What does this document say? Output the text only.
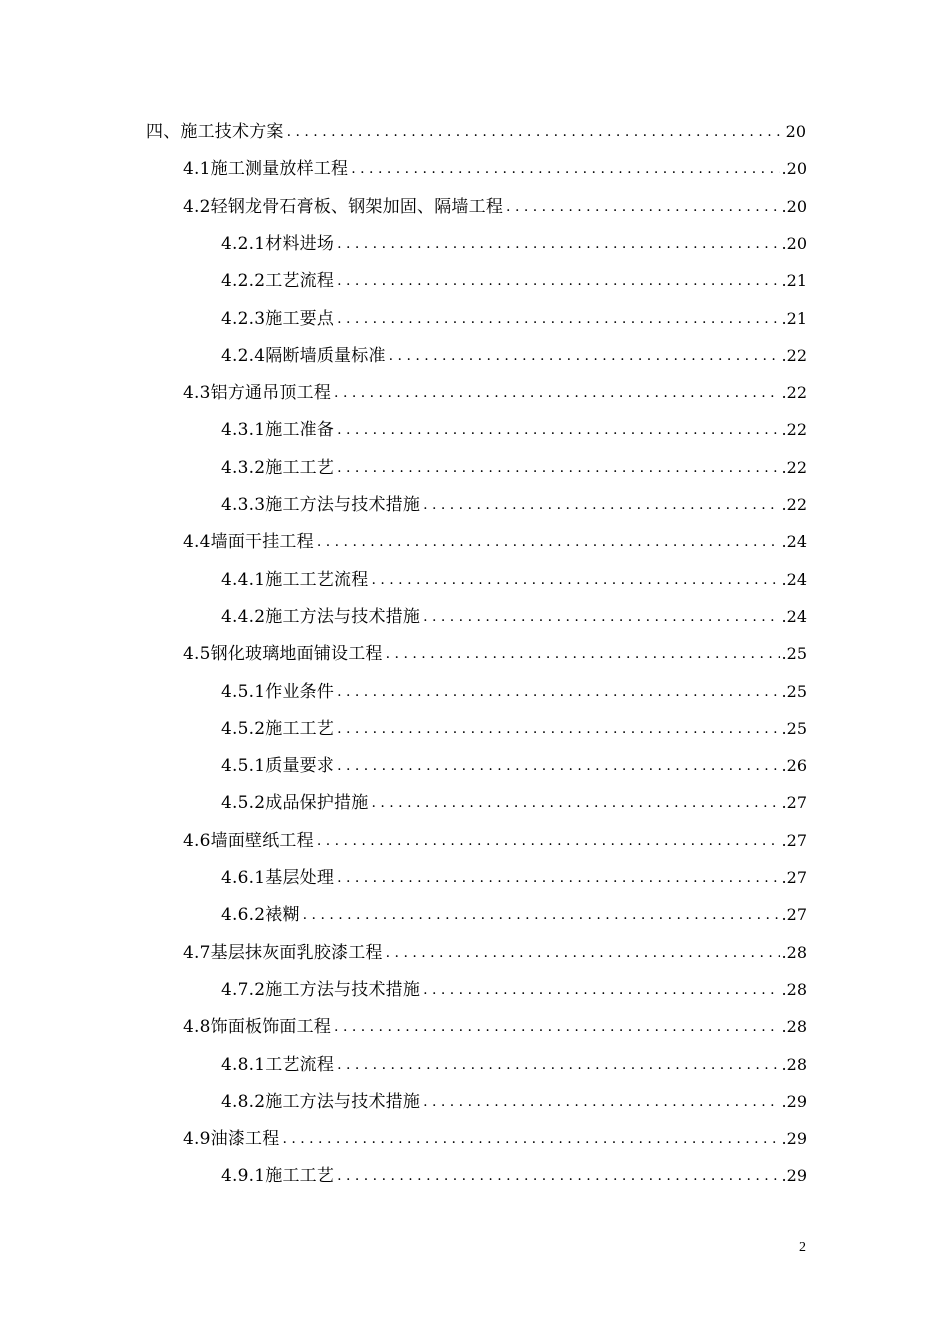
四、施工技术方案 . . .	20
4.1施工测量放样工程 . . .	.20
4.2轻钢龙骨石膏板、钢架加固、隔墙工程 . . .	.20
4.2.1材料进场 . . .	.20
4.2.2工艺流程 . . .	.21
4.2.3施工要点 . . .	.21
4.2.4隔断墙质量标准 . . .	.22
4.3铝方通吊顶工程 . . .	.22
4.3.1施工准备 . . .	.22
4.3.2施工工艺 . . .	.22
4.3.3施工方法与技术措施 . . .	.22
4.4墙面干挂工程 . . .	.24
4.4.1施工工艺流程 . . .	.24
4.4.2施工方法与技术措施 . . .	.24
4.5钢化玻璃地面铺设工程 . . .	.25
4.5.1作业条件 . . .	.25
4.5.2施工工艺 . . .	.25
4.5.1质量要求 . . .	.26
4.5.2成品保护措施 . . .	.27
4.6墙面壁纸工程 . . .	.27
4.6.1基层处理 . . .	.27
4.6.2裱糊 . . .	.27
4.7基层抹灰面乳胶漆工程 . . .	.28
4.7.2施工方法与技术措施 . . .	.28
4.8饰面板饰面工程 . . .	.28
4.8.1工艺流程 . . .	.28
4.8.2施工方法与技术措施 . . .	.29
4.9油漆工程 . . .	.29
4.9.1施工工艺 . . .	.29
2
